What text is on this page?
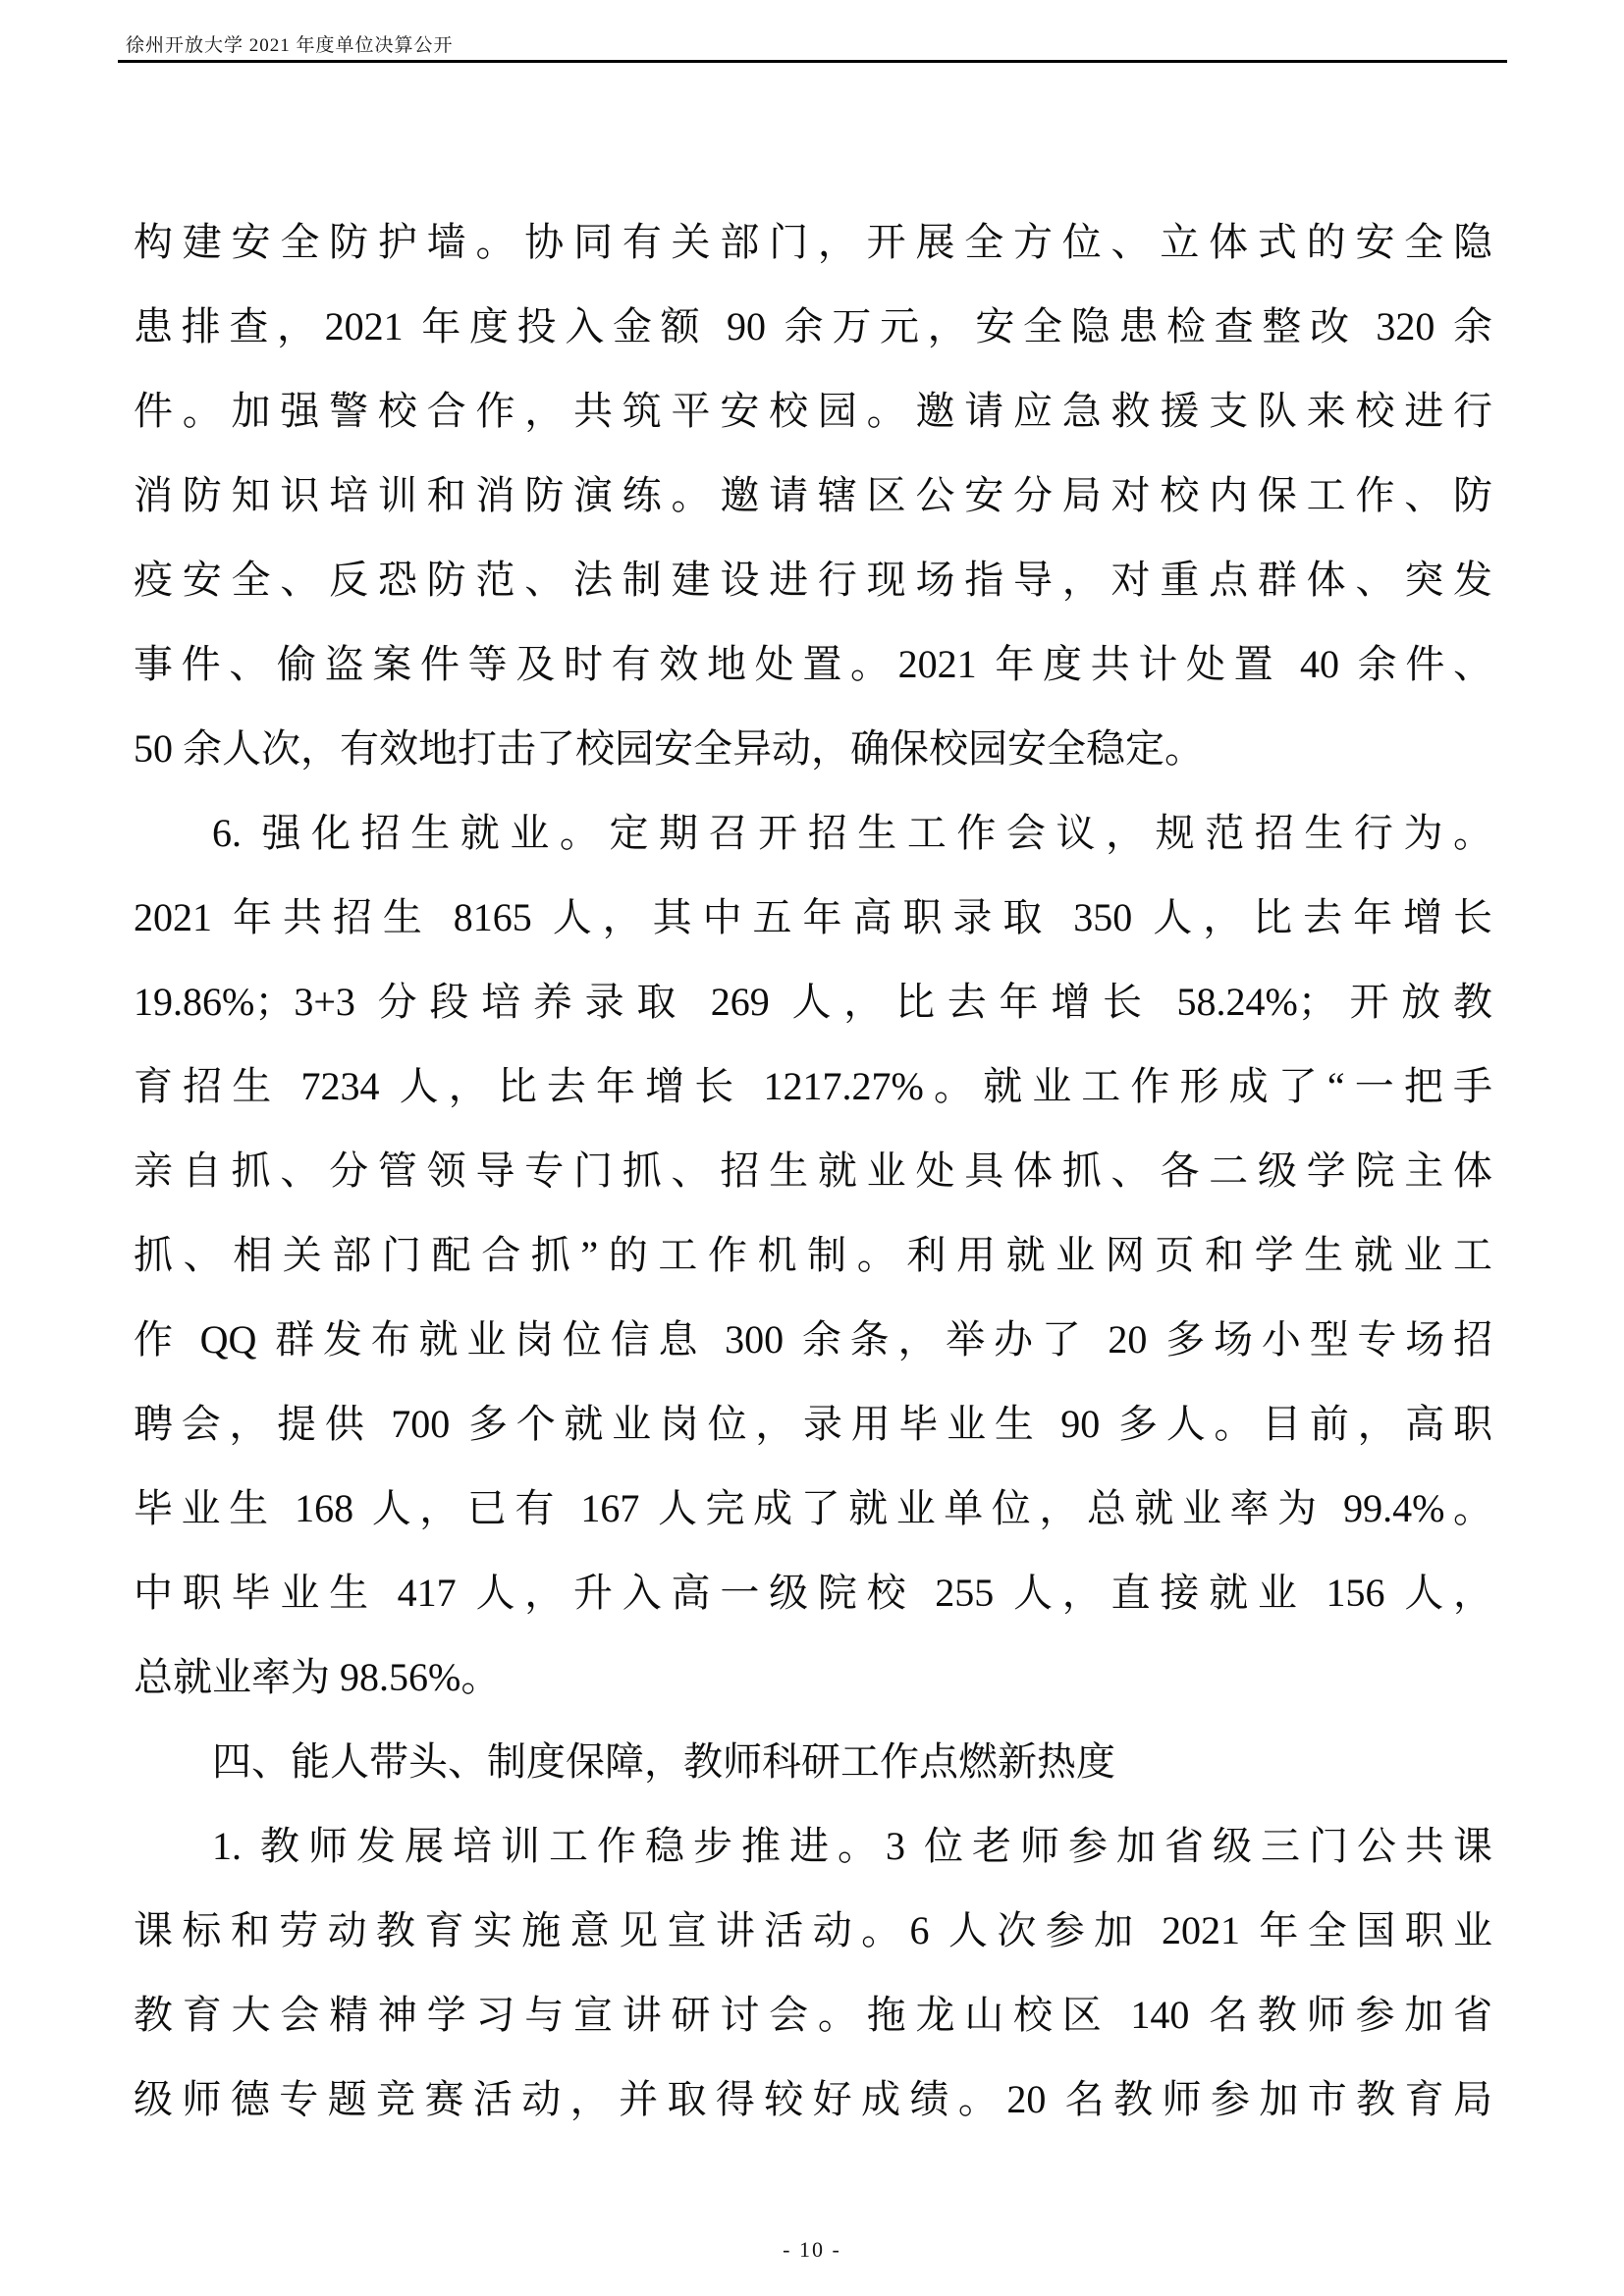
徐州开放大学 2021 年度单位决算公开
构建安全防护墙。协同有关部门，开展全方位、立体式的安全隐
患排查，2021 年度投入金额 90 余万元，安全隐患检查整改 320 余
件。加强警校合作，共筑平安校园。邀请应急救援支队来校进行
消防知识培训和消防演练。邀请辖区公安分局对校内保工作、防
疫安全、反恐防范、法制建设进行现场指导，对重点群体、突发
事件、偷盗案件等及时有效地处置。2021 年度共计处置 40 余件、
50 余人次，有效地打击了校园安全异动，确保校园安全稳定。
6. 强化招生就业。定期召开招生工作会议，规范招生行为。
2021 年共招生 8165 人，其中五年高职录取 350 人，比去年增长
19.86%；3+3 分段培养录取 269 人，比去年增长 58.24%；开放教
育招生 7234 人，比去年增长 1217.27%。就业工作形成了“一把手
亲自抓、分管领导专门抓、招生就业处具体抓、各二级学院主体
抓、相关部门配合抓”的工作机制。利用就业网页和学生就业工
作 QQ 群发布就业岗位信息 300 余条，举办了 20 多场小型专场招
聘会，提供 700 多个就业岗位，录用毕业生 90 多人。目前，高职
毕业生 168 人，已有 167 人完成了就业单位，总就业率为 99.4%。
中职毕业生 417 人，升入高一级院校 255 人，直接就业 156 人，
总就业率为 98.56%。
四、能人带头、制度保障，教师科研工作点燃新热度
1. 教师发展培训工作稳步推进。3 位老师参加省级三门公共课
课标和劳动教育实施意见宣讲活动。6 人次参加 2021 年全国职业
教育大会精神学习与宣讲研讨会。拖龙山校区 140 名教师参加省
级师德专题竞赛活动，并取得较好成绩。20 名教师参加市教育局
- 10 -
